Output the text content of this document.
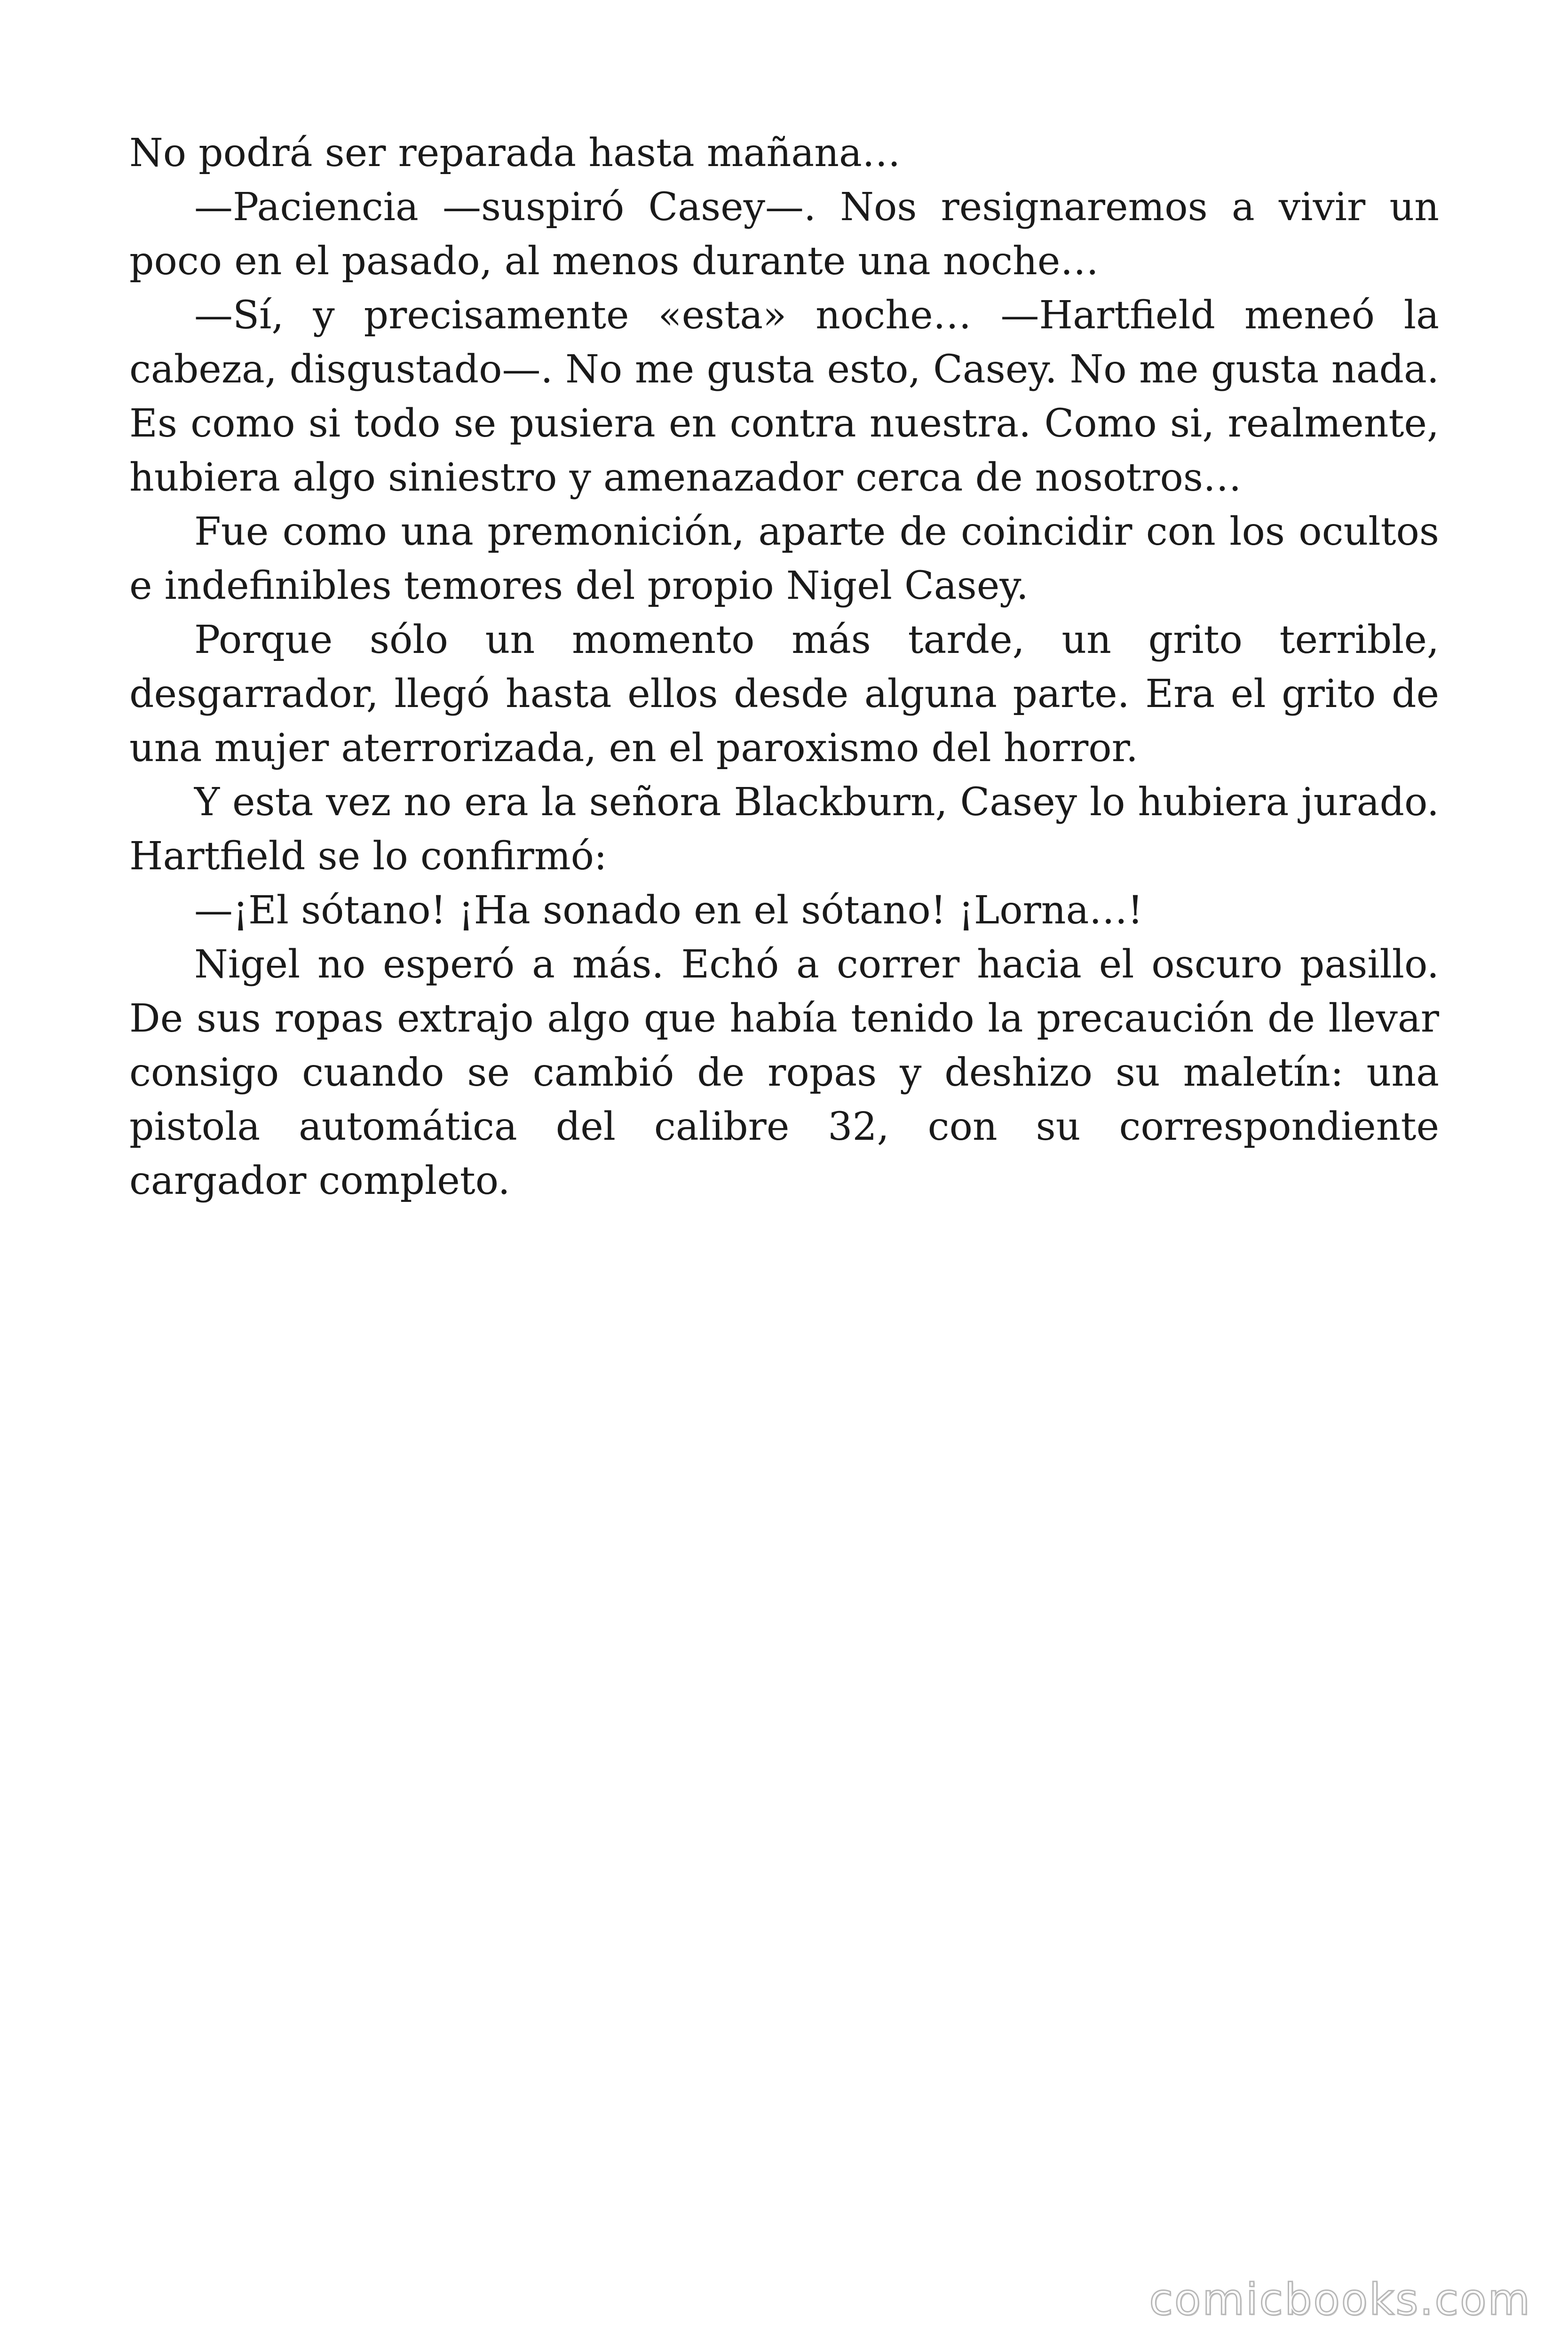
No podrá ser reparada hasta mañana…

—Paciencia —suspiró Casey—. Nos resignaremos a vivir un poco en el pasado, al menos durante una noche…

—Sí, y precisamente «esta» noche… —Hartfield meneó la cabeza, disgustado—. No me gusta esto, Casey. No me gusta nada. Es como si todo se pusiera en contra nuestra. Como si, realmente, hubiera algo siniestro y amenazador cerca de nosotros…

Fue como una premonición, aparte de coincidir con los ocultos e indefinibles temores del propio Nigel Casey.

Porque sólo un momento más tarde, un grito terrible, desgarrador, llegó hasta ellos desde alguna parte. Era el grito de una mujer aterrorizada, en el paroxismo del horror.

Y esta vez no era la señora Blackburn, Casey lo hubiera jurado. Hartfield se lo confirmó:

—¡El sótano! ¡Ha sonado en el sótano! ¡Lorna…!

Nigel no esperó a más. Echó a correr hacia el oscuro pasillo. De sus ropas extrajo algo que había tenido la precaución de llevar consigo cuando se cambió de ropas y deshizo su maletín: una pistola automática del calibre 32, con su correspondiente cargador completo.

comicbooks.com
